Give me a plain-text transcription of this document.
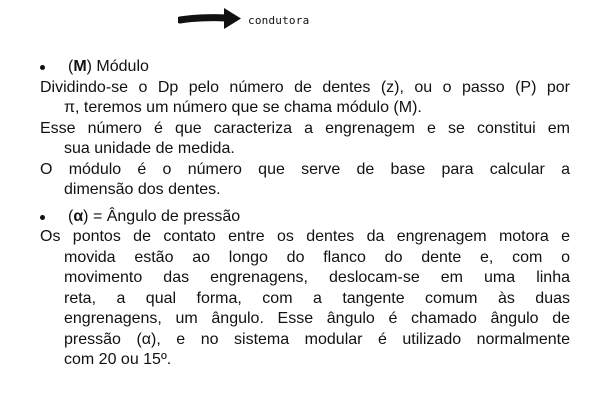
condutora
(M) Módulo
Dividindo-se o Dp pelo número de dentes (z), ou o passo (P) por
π, teremos um número que se chama módulo (M).
Esse número é que caracteriza a engrenagem e se constitui em
sua unidade de medida.
O módulo é o número que serve de base para calcular a
dimensão dos dentes.
(α) = Ângulo de pressão
Os pontos de contato entre os dentes da engrenagem motora e
movida estão ao longo do flanco do dente e, com o
movimento das engrenagens, deslocam-se em uma linha
reta, a qual forma, com a tangente comum às duas
engrenagens, um ângulo. Esse ângulo é chamado ângulo de
pressão (α), e no sistema modular é utilizado normalmente
com 20 ou 15º.
